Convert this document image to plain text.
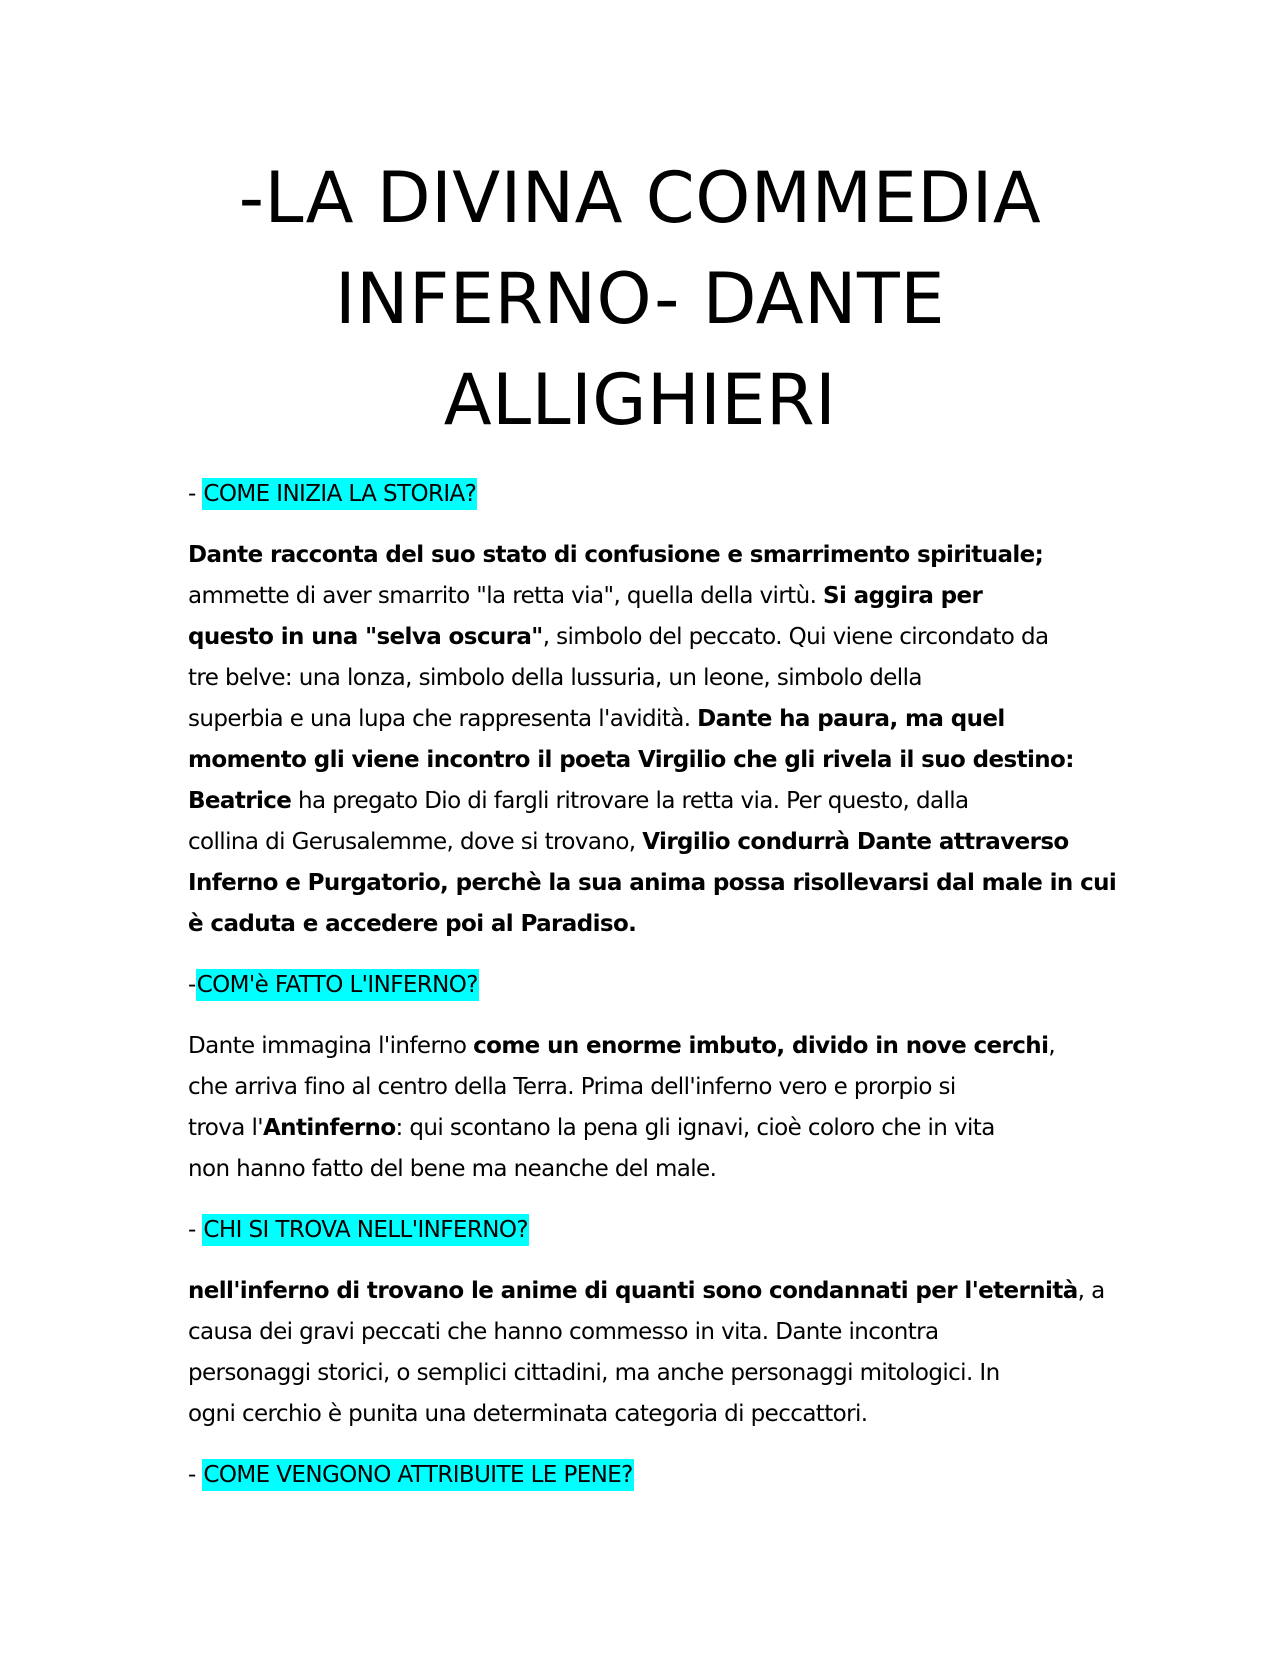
-LA DIVINA COMMEDIA
INFERNO- DANTE
ALLIGHIERI

- COME INIZIA LA STORIA?

Dante racconta del suo stato di confusione e smarrimento spirituale;
ammette di aver smarrito "la retta via", quella della virtù. Si aggira per
questo in una "selva oscura", simbolo del peccato. Qui viene circondato da
tre belve: una lonza, simbolo della lussuria, un leone, simbolo della
superbia e una lupa che rappresenta l'avidità. Dante ha paura, ma quel
momento gli viene incontro il poeta Virgilio che gli rivela il suo destino:
Beatrice ha pregato Dio di fargli ritrovare la retta via. Per questo, dalla
collina di Gerusalemme, dove si trovano, Virgilio condurrà Dante attraverso
Inferno e Purgatorio, perchè la sua anima possa risollevarsi dal male in cui
è caduta e accedere poi al Paradiso.

-COM'è FATTO L'INFERNO?

Dante immagina l'inferno come un enorme imbuto, divido in nove cerchi,
che arriva fino al centro della Terra. Prima dell'inferno vero e prorpio si
trova l'Antinferno: qui scontano la pena gli ignavi, cioè coloro che in vita
non hanno fatto del bene ma neanche del male.

- CHI SI TROVA NELL'INFERNO?

nell'inferno di trovano le anime di quanti sono condannati per l'eternità, a
causa dei gravi peccati che hanno commesso in vita. Dante incontra
personaggi storici, o semplici cittadini, ma anche personaggi mitologici. In
ogni cerchio è punita una determinata categoria di peccattori.

- COME VENGONO ATTRIBUITE LE PENE?
